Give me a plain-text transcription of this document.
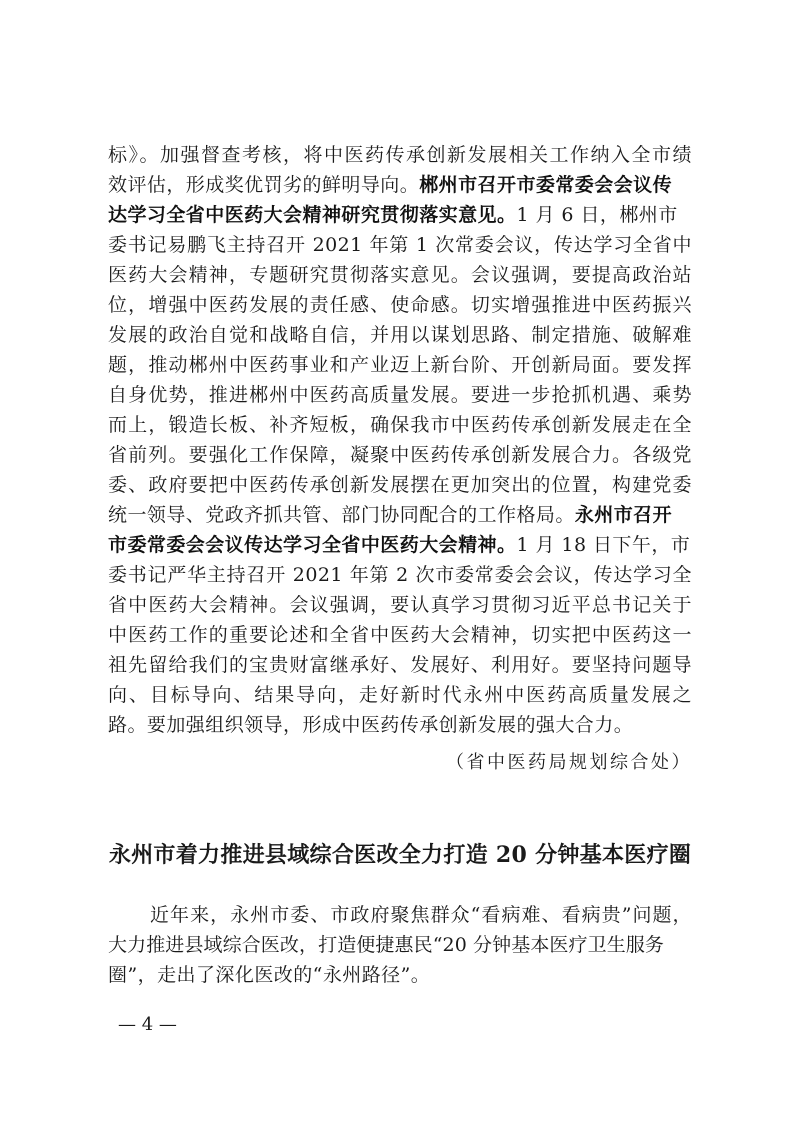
标》。加强督查考核，将中医药传承创新发展相关工作纳入全市绩
效评估，形成奖优罚劣的鲜明导向。郴州市召开市委常委会会议传
达学习全省中医药大会精神研究贯彻落实意见。1 月 6 日，郴州市
委书记易鹏飞主持召开 2021 年第 1 次常委会议，传达学习全省中
医药大会精神，专题研究贯彻落实意见。会议强调，要提高政治站
位，增强中医药发展的责任感、使命感。切实增强推进中医药振兴
发展的政治自觉和战略自信，并用以谋划思路、制定措施、破解难
题，推动郴州中医药事业和产业迈上新台阶、开创新局面。要发挥
自身优势，推进郴州中医药高质量发展。要进一步抢抓机遇、乘势
而上，锻造长板、补齐短板，确保我市中医药传承创新发展走在全
省前列。要强化工作保障，凝聚中医药传承创新发展合力。各级党
委、政府要把中医药传承创新发展摆在更加突出的位置，构建党委
统一领导、党政齐抓共管、部门协同配合的工作格局。永州市召开
市委常委会会议传达学习全省中医药大会精神。1 月 18 日下午，市
委书记严华主持召开 2021 年第 2 次市委常委会会议，传达学习全
省中医药大会精神。会议强调，要认真学习贯彻习近平总书记关于
中医药工作的重要论述和全省中医药大会精神，切实把中医药这一
祖先留给我们的宝贵财富继承好、发展好、利用好。要坚持问题导
向、目标导向、结果导向，走好新时代永州中医药高质量发展之
路。要加强组织领导，形成中医药传承创新发展的强大合力。
（省中医药局规划综合处）
永州市着力推进县域综合医改全力打造 20 分钟基本医疗圈
近年来，永州市委、市政府聚焦群众“看病难、看病贵”问题，
大力推进县域综合医改，打造便捷惠民“20 分钟基本医疗卫生服务
圈”，走出了深化医改的“永州路径”。
— 4 —
